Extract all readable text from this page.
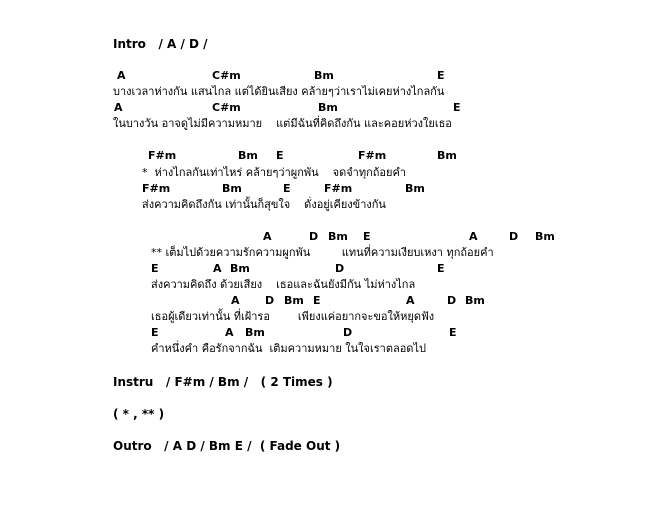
Intro   / A / D /
A	C#m	Bm	E
บางเวลาห่างกัน แสนไกล แต่ได้ยินเสียง คล้ายๆว่าเราไม่เคยห่างไกลกัน
A	C#m	Bm	E
ในบางวัน อาจดูไม่มีความหมาย    แต่มีฉันที่คิดถึงกัน และคอยห่วงใยเธอ
F#m	Bm E	F#m	Bm
*  ห่างไกลกันเท่าไหร่ คล้ายๆว่าผูกพัน    จดจำทุกถ้อยคำ
F#m	Bm	E	F#m	Bm
ส่งความคิดถึงกัน เท่านั้นก็สุขใจ    ดั่งอยู่เคียงข้างกัน
A	D Bm E	A	D Bm
** เต็มไปด้วยความรักความผูกพัน         แทนที่ความเงียบเหงา ทุกถ้อยคำ
E	A Bm	D	E
ส่งความคิดถึง ด้วยเสียง    เธอและฉันยังมีกัน ไม่ห่างไกล
A D Bm E	A	D Bm
เธอผู้เดียวเท่านั้น ที่เฝ้ารอ        เพียงแค่อยากจะขอให้หยุดฟัง
E	A Bm	D	E
คำหนึ่งคำ คือรักจากฉัน  เติมความหมาย ในใจเราตลอดไป
Instru   / F#m / Bm /   ( 2 Times )
( * , ** )
Outro   / A D / Bm E /  ( Fade Out )
